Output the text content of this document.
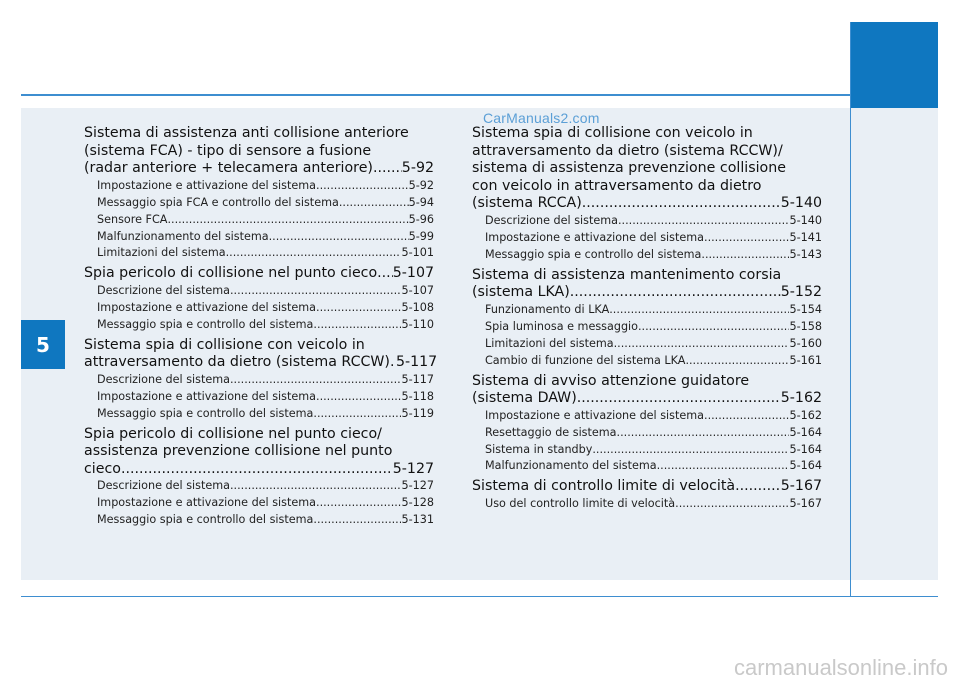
5
CarManuals2.com
carmanualsonline.info
Sistema di assistenza anti collisione anteriore
(sistema FCA) - tipo di sensore a fusione
(radar anteriore + telecamera anteriore) ..... 5-92
Impostazione e attivazione del sistema .....	5-92
Messaggio spia FCA e controllo del sistema .....	5-94
Sensore FCA .....	5-96
Malfunzionamento del sistema .....	5-99
Limitazioni del sistema .....	5-101
Spia pericolo di collisione nel punto cieco ..... 5-107
Descrizione del sistema .....	5-107
Impostazione e attivazione del sistema .....	5-108
Messaggio spia e controllo del sistema .....	5-110
Sistema spia di collisione con veicolo in
attraversamento da dietro (sistema RCCW) ..... 5-117
Descrizione del sistema .....	5-117
Impostazione e attivazione del sistema .....	5-118
Messaggio spia e controllo del sistema .....	5-119
Spia pericolo di collisione nel punto cieco/
assistenza prevenzione collisione nel punto
cieco .....	5-127
Descrizione del sistema .....	5-127
Impostazione e attivazione del sistema .....	5-128
Messaggio spia e controllo del sistema .....	5-131
Sistema spia di collisione con veicolo in
attraversamento da dietro (sistema RCCW)/
sistema di assistenza prevenzione collisione
con veicolo in attraversamento da dietro
(sistema RCCA) .....	5-140
Descrizione del sistema .....	5-140
Impostazione e attivazione del sistema .....	5-141
Messaggio spia e controllo del sistema .....	5-143
Sistema di assistenza mantenimento corsia
(sistema LKA) .....	5-152
Funzionamento di LKA .....	5-154
Spia luminosa e messaggio .....	5-158
Limitazioni del sistema .....	5-160
Cambio di funzione del sistema LKA .....	5-161
Sistema di avviso attenzione guidatore
(sistema DAW) .....	5-162
Impostazione e attivazione del sistema .....	5-162
Resettaggio de sistema .....	5-164
Sistema in standby .....	5-164
Malfunzionamento del sistema .....	5-164
Sistema di controllo limite di velocità .....	5-167
Uso del controllo limite di velocità .....	5-167
